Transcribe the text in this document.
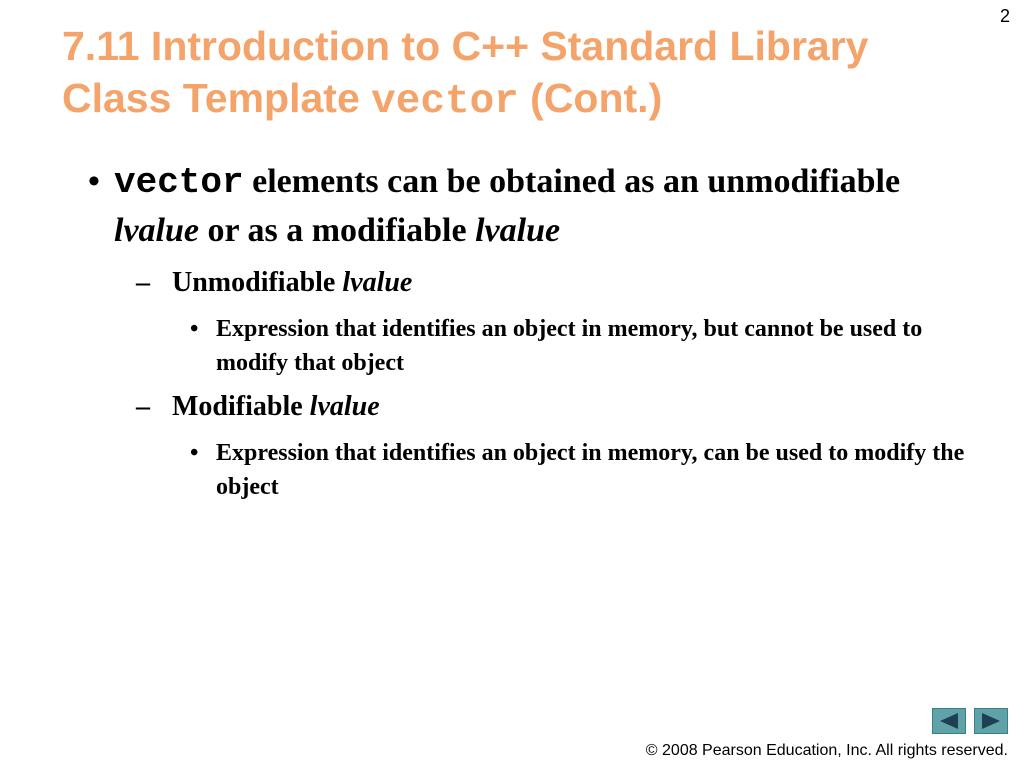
2
7.11 Introduction to C++ Standard Library
Class Template vector (Cont.)
• vector elements can be obtained as an unmodifiable lvalue or as a modifiable lvalue
– Unmodifiable lvalue
• Expression that identifies an object in memory, but cannot be used to modify that object
– Modifiable lvalue
• Expression that identifies an object in memory, can be used to modify the object
© 2008 Pearson Education, Inc. All rights reserved.
